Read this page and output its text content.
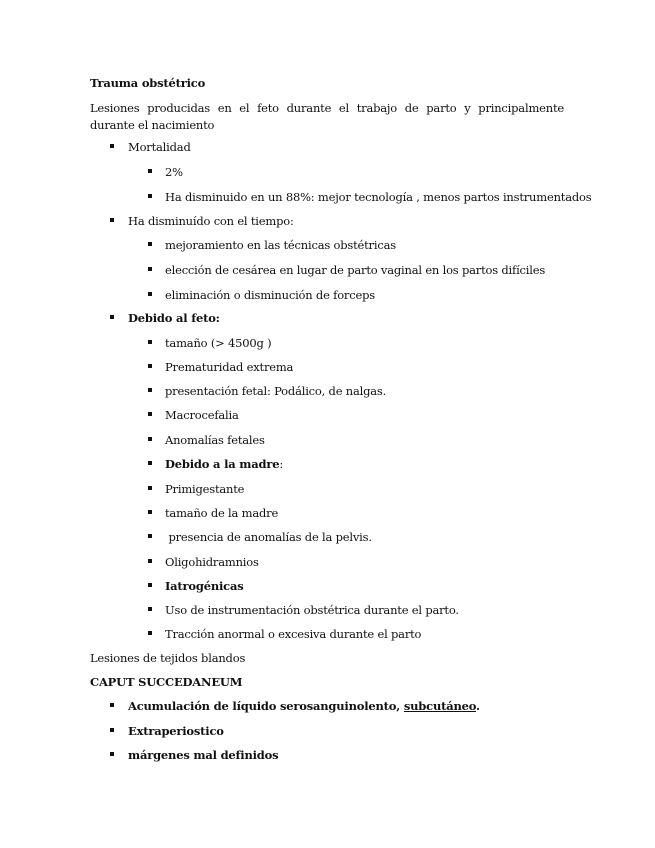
Trauma obstétrico
Lesiones producidas en el feto durante el trabajo de parto y principalmente durante el nacimiento
Mortalidad
2%
Ha disminuido en un 88%: mejor tecnología , menos partos instrumentados
Ha disminuído con el tiempo:
mejoramiento en las técnicas obstétricas
elección de cesárea en lugar de parto vaginal en los partos difíciles
eliminación o disminución de forceps
Debido al feto:
tamaño (> 4500g )
Prematuridad extrema
presentación fetal: Podálico, de nalgas.
Macrocefalia
Anomalías fetales
Debido a la madre:
Primigestante
tamaño de la madre
presencia de anomalías de la pelvis.
Oligohidramnios
Iatrogénicas
Uso de instrumentación obstétrica durante el parto.
Tracción anormal o excesiva durante el parto
Lesiones de tejidos blandos
CAPUT SUCCEDANEUM
Acumulación de líquido serosanguinolento, subcutáneo.
Extraperiostico
márgenes mal definidos
